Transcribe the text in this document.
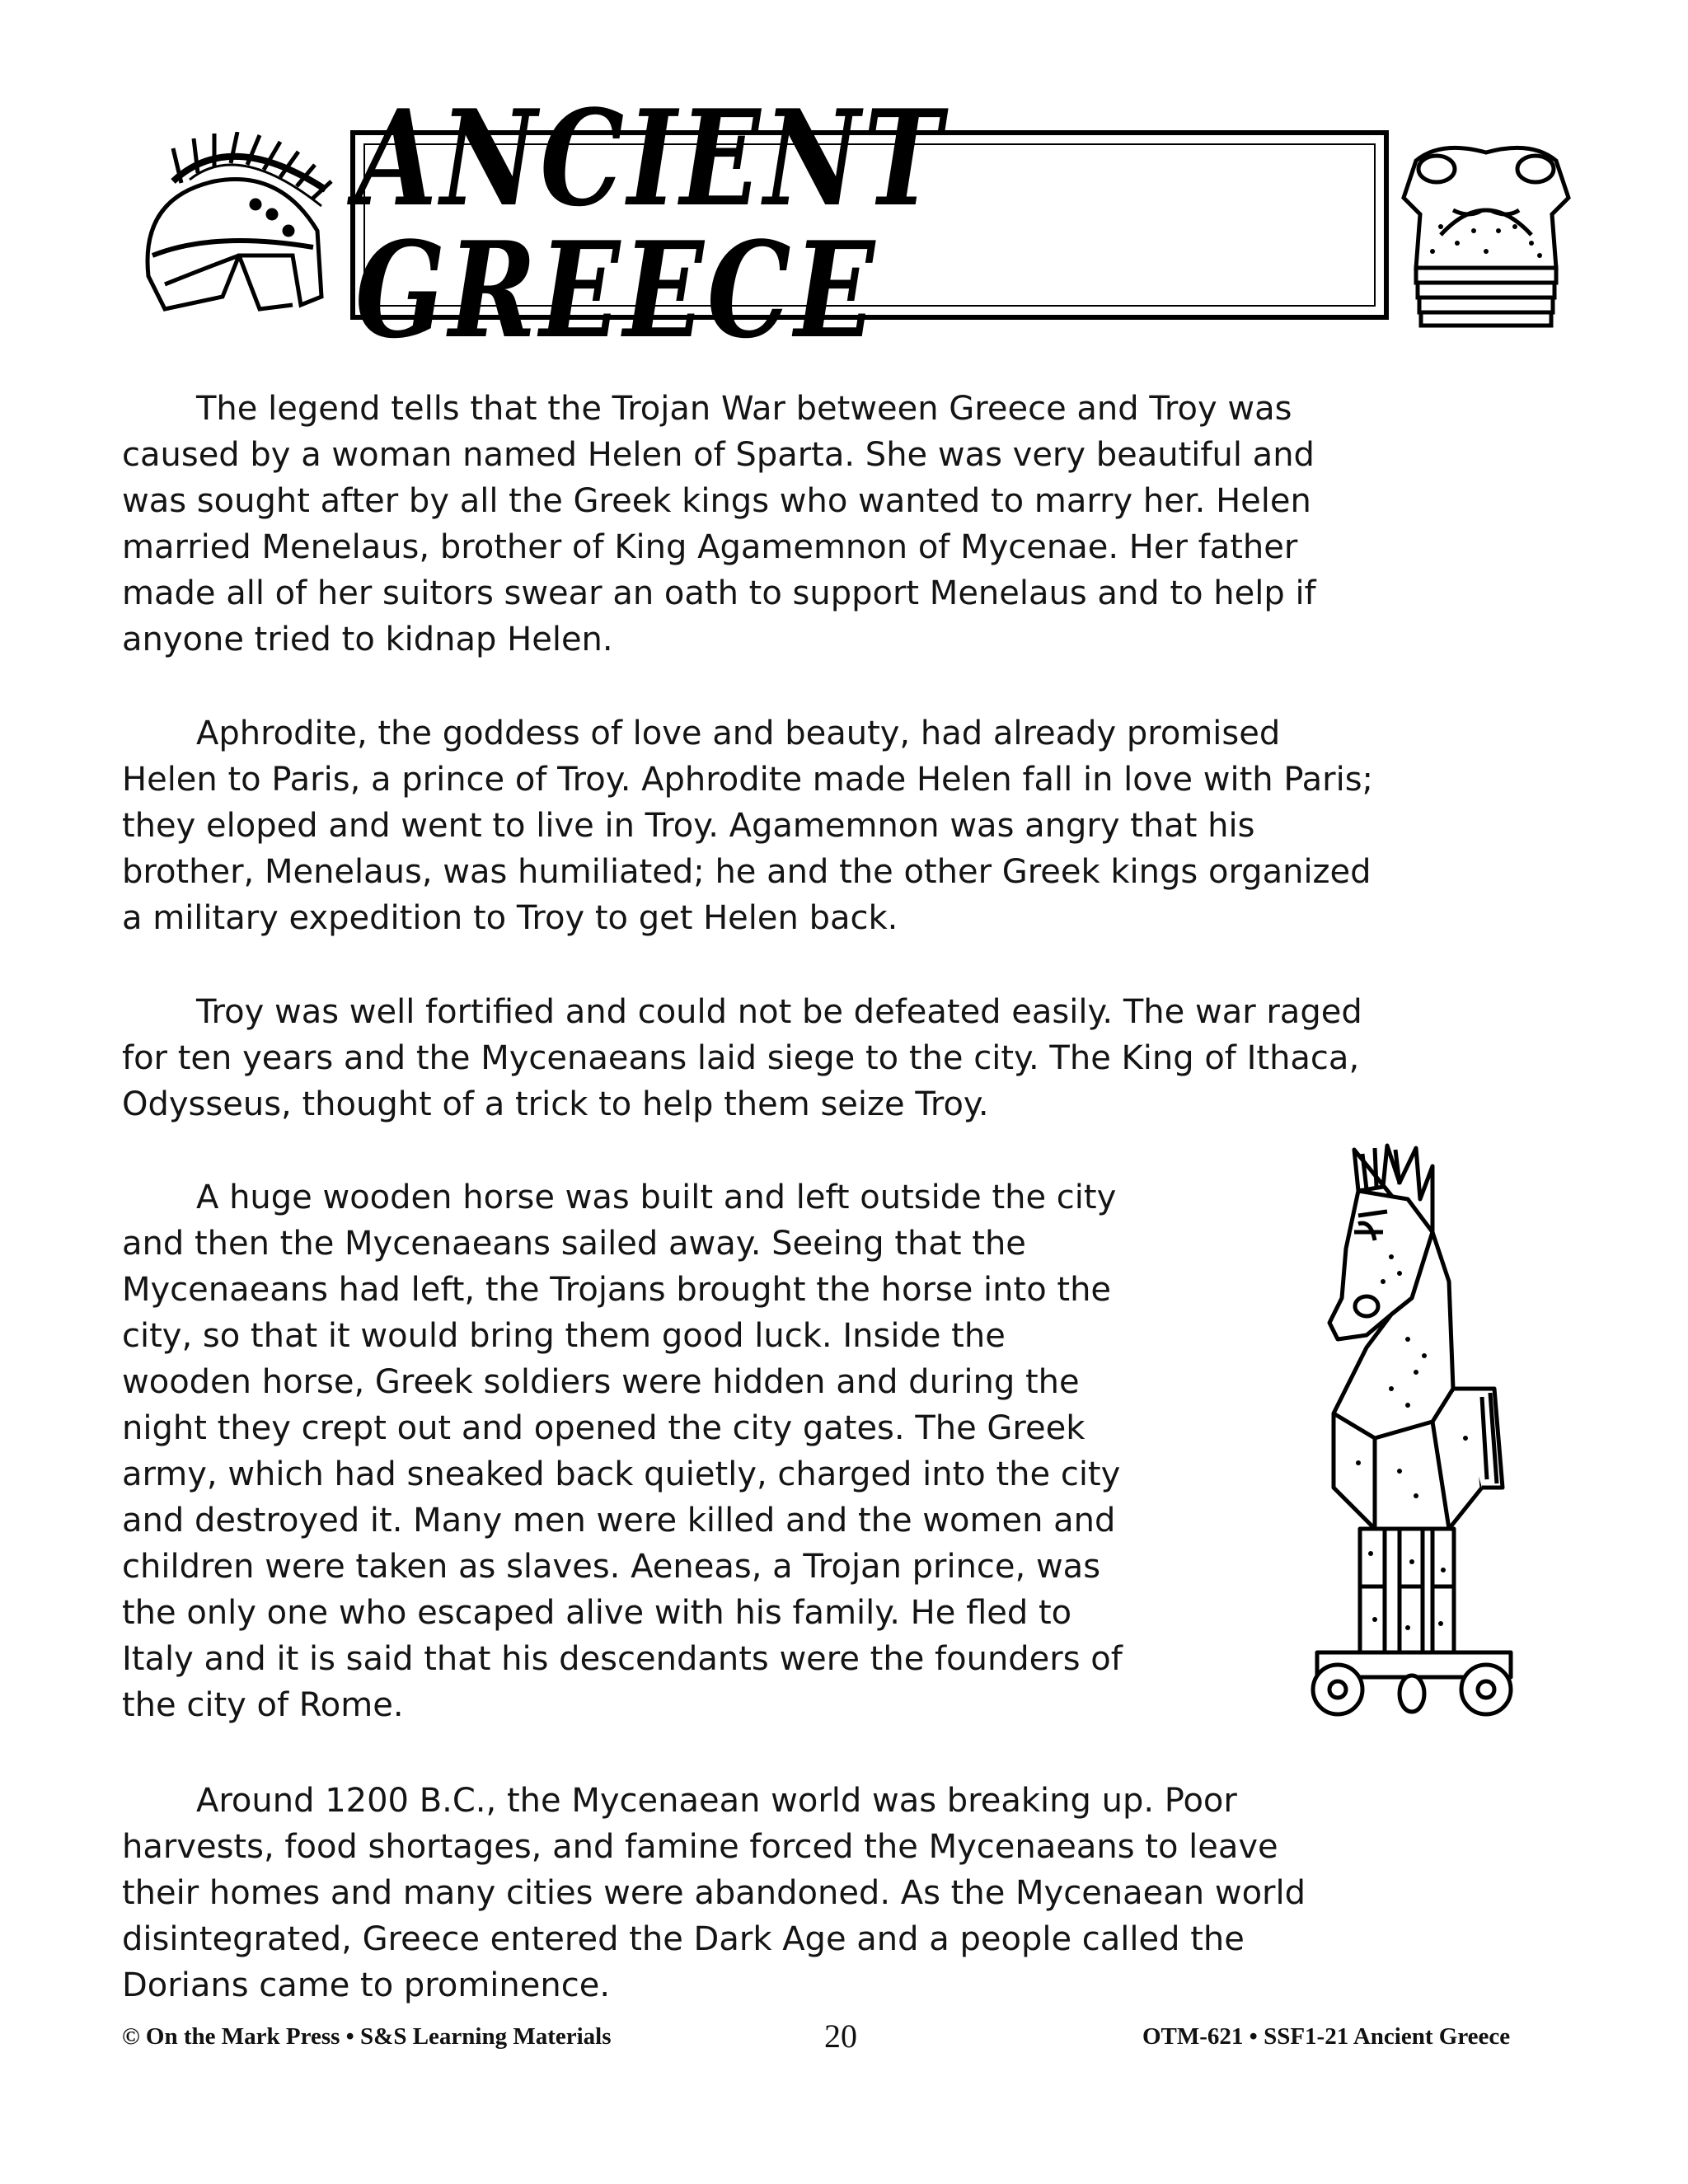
ANCIENT GREECE

The legend tells that the Trojan War between Greece and Troy was
caused by a woman named Helen of Sparta. She was very beautiful and
was sought after by all the Greek kings who wanted to marry her. Helen
married Menelaus, brother of King Agamemnon of Mycenae. Her father
made all of her suitors swear an oath to support Menelaus and to help if
anyone tried to kidnap Helen.

Aphrodite, the goddess of love and beauty, had already promised
Helen to Paris, a prince of Troy. Aphrodite made Helen fall in love with Paris;
they eloped and went to live in Troy. Agamemnon was angry that his
brother, Menelaus, was humiliated; he and the other Greek kings organized
a military expedition to Troy to get Helen back.

Troy was well fortified and could not be defeated easily. The war raged
for ten years and the Mycenaeans laid siege to the city. The King of Ithaca,
Odysseus, thought of a trick to help them seize Troy.

A huge wooden horse was built and left outside the city
and then the Mycenaeans sailed away. Seeing that the
Mycenaeans had left, the Trojans brought the horse into the
city, so that it would bring them good luck. Inside the
wooden horse, Greek soldiers were hidden and during the
night they crept out and opened the city gates. The Greek
army, which had sneaked back quietly, charged into the city
and destroyed it. Many men were killed and the women and
children were taken as slaves. Aeneas, a Trojan prince, was
the only one who escaped alive with his family. He fled to
Italy and it is said that his descendants were the founders of
the city of Rome.

Around 1200 B.C., the Mycenaean world was breaking up. Poor
harvests, food shortages, and famine forced the Mycenaeans to leave
their homes and many cities were abandoned. As the Mycenaean world
disintegrated, Greece entered the Dark Age and a people called the
Dorians came to prominence.

© On the Mark Press • S&S Learning Materials	20	OTM-621 • SSF1-21 Ancient Greece
